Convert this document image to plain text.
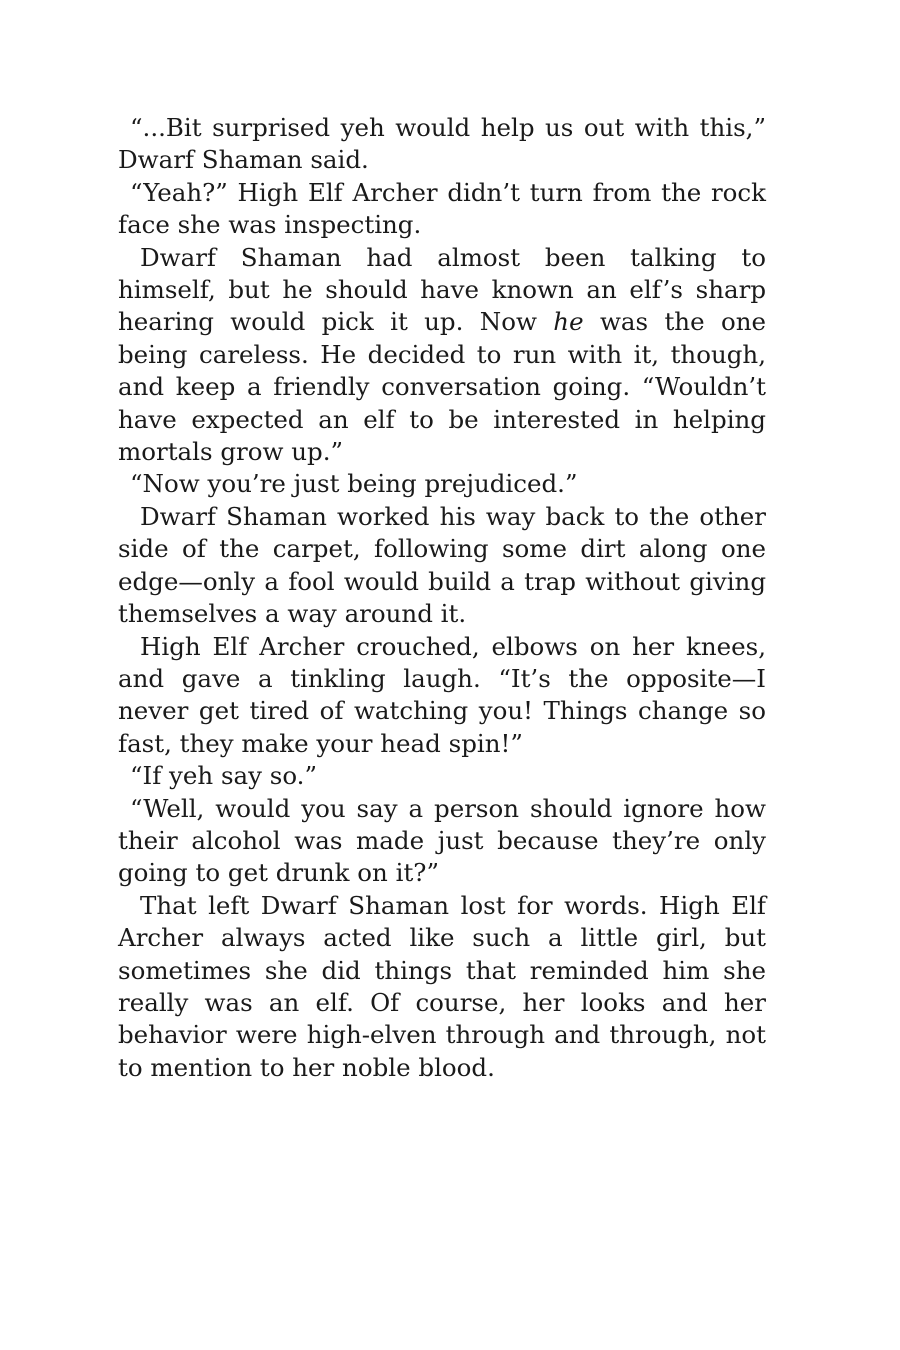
“...Bit surprised yeh would help us out with this,” Dwarf Shaman said.

“Yeah?” High Elf Archer didn’t turn from the rock face she was inspecting.

Dwarf Shaman had almost been talking to himself, but he should have known an elf’s sharp hearing would pick it up. Now he was the one being careless. He decided to run with it, though, and keep a friendly conversation going. “Wouldn’t have expected an elf to be interested in helping mortals grow up.”

“Now you’re just being prejudiced.”

Dwarf Shaman worked his way back to the other side of the carpet, following some dirt along one edge—only a fool would build a trap without giving themselves a way around it.

High Elf Archer crouched, elbows on her knees, and gave a tinkling laugh. “It’s the opposite—I never get tired of watching you! Things change so fast, they make your head spin!”

“If yeh say so.”

“Well, would you say a person should ignore how their alcohol was made just because they’re only going to get drunk on it?”

That left Dwarf Shaman lost for words. High Elf Archer always acted like such a little girl, but sometimes she did things that reminded him she really was an elf. Of course, her looks and her behavior were high-elven through and through, not to mention to her noble blood.
